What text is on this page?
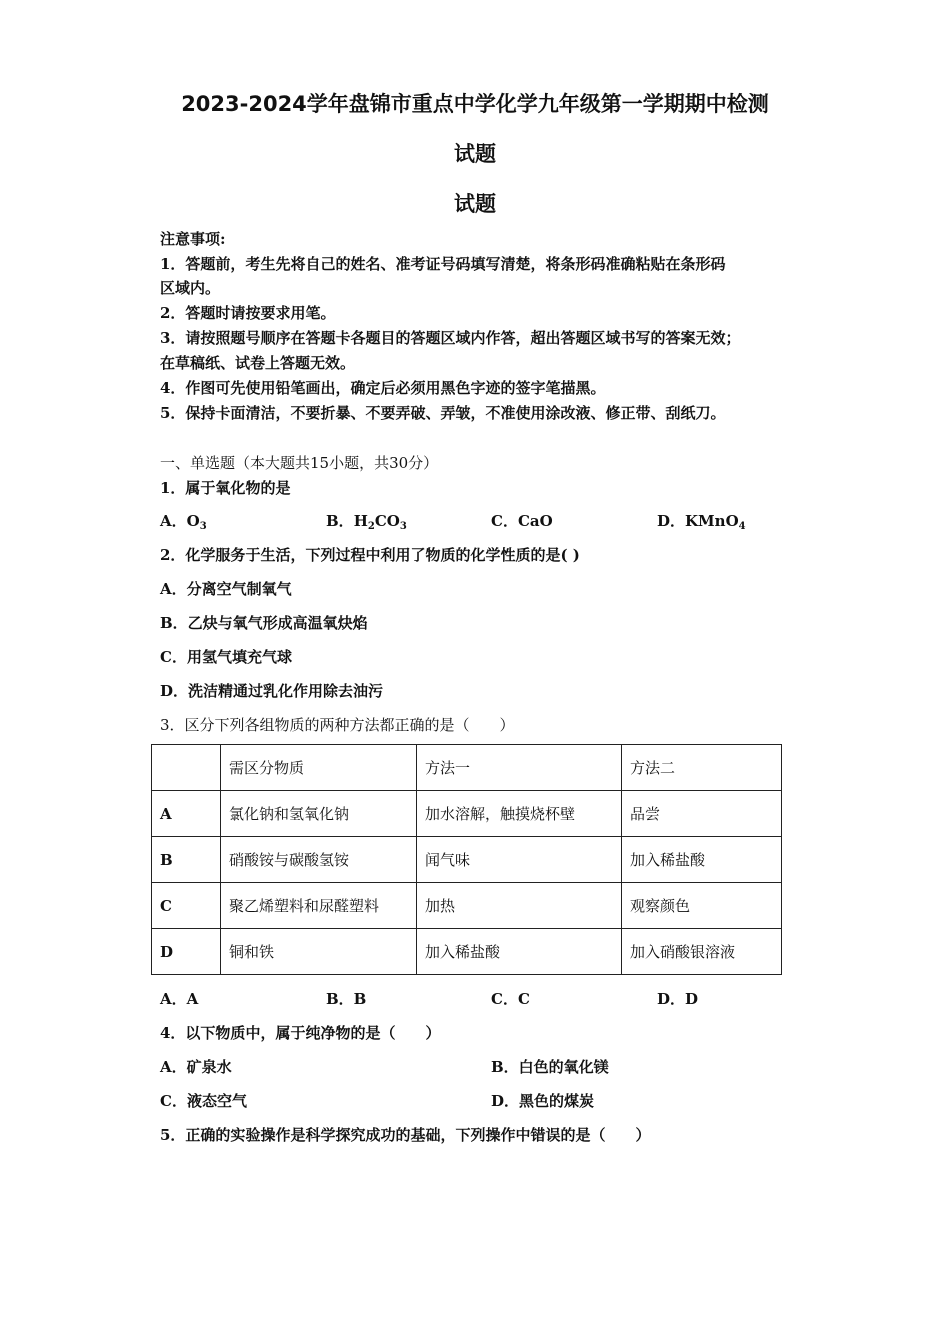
2023-2024学年盘锦市重点中学化学九年级第一学期期中检测
试题
试题
注意事项:
1．答题前，考生先将自己的姓名、准考证号码填写清楚，将条形码准确粘贴在条形码
区域内。
2．答题时请按要求用笔。
3．请按照题号顺序在答题卡各题目的答题区域内作答，超出答题区域书写的答案无效；
在草稿纸、试卷上答题无效。
4．作图可先使用铅笔画出，确定后必须用黑色字迹的签字笔描黑。
5．保持卡面清洁，不要折暴、不要弄破、弄皱，不准使用涂改液、修正带、刮纸刀。
一、单选题（本大题共15小题，共30分）
1．属于氧化物的是
A．$O_3$	B．$H_2CO_3$	C．CaO	D．KMnO$_4$
2．化学服务于生活，下列过程中利用了物质的化学性质的是( )
A．分离空气制氧气
B．乙炔与氧气形成高温氧炔焰
C．用氢气填充气球
D．洗洁精通过乳化作用除去油污
3．区分下列各组物质的两种方法都正确的是（　　）
	需区分物质	方法一	方法二
A	氯化钠和氢氧化钠	加水溶解，触摸烧杯壁	品尝
B	硝酸铵与碳酸氢铵	闻气味	加入稀盐酸
C	聚乙烯塑料和尿醛塑料	加热	观察颜色
D	铜和铁	加入稀盐酸	加入硝酸银溶液
A．A	B．B	C．C	D．D
4．以下物质中，属于纯净物的是（　　）
A．矿泉水	B．白色的氧化镁
C．液态空气	D．黑色的煤炭
5．正确的实验操作是科学探究成功的基础，下列操作中错误的是（　　）
